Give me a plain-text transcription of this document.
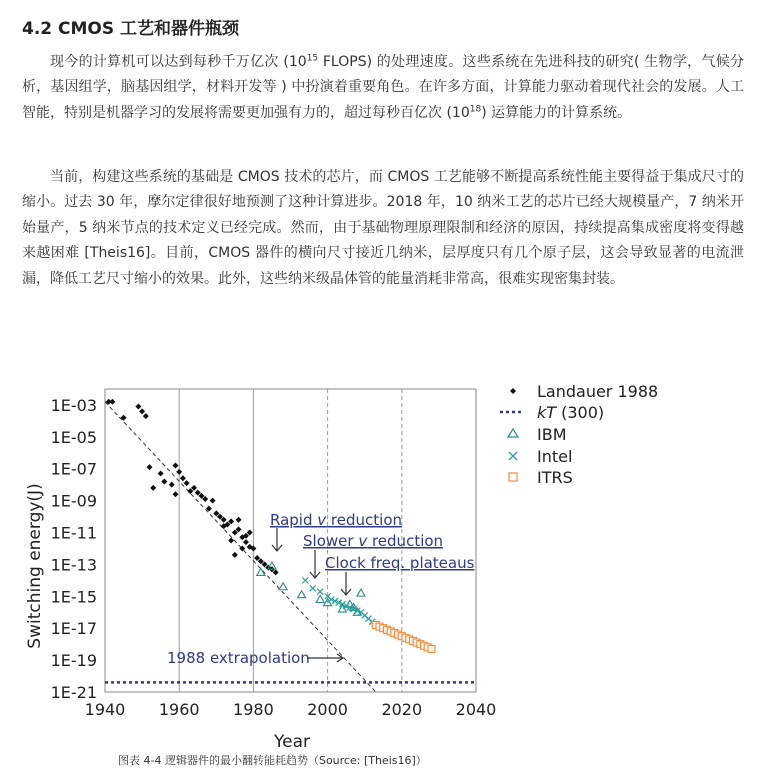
4.2 CMOS 工艺和器件瓶颈

现今的计算机可以达到每秒千万亿次 ($10^{15}$ FLOPS) 的处理速度。这些系统在先进科技的研究( 生物学，气候分析，基因组学，脑基因组学，材料开发等 ) 中扮演着重要角色。在许多方面，计算能力驱动着现代社会的发展。人工智能，特别是机器学习的发展将需要更加强有力的，超过每秒百亿次 $(10^{18})$ 运算能力的计算系统。

当前，构建这些系统的基础是 CMOS 技术的芯片，而 CMOS 工艺能够不断提高系统性能主要得益于集成尺寸的缩小。过去 30 年，摩尔定律很好地预测了这种计算进步。2018 年，10 纳米工艺的芯片已经大规模量产，7 纳米开始量产，5 纳米节点的技术定义已经完成。然而，由于基础物理原理限制和经济的原因，持续提高集成密度将变得越来越困难 [Theis16]。目前，CMOS 器件的横向尺寸接近几纳米，层厚度只有几个原子层，这会导致显著的电流泄漏，降低工艺尺寸缩小的效果。此外，这些纳米级晶体管的能量消耗非常高，很难实现密集封装。

1E-03
1E-05
1E-07
1E-09
1E-11
1E-13
1E-15
1E-17
1E-19
1E-21
1940 1960 1980 2000 2020 2040
Switching energy(J)
Year
Rapid v reduction
Slower v reduction
Clock freq. plateaus
1988 extrapolation
Landauer 1988
kT (300)
IBM
Intel
ITRS

图表 4-4 逻辑器件的最小翻转能耗趋势（Source: [Theis16]）
